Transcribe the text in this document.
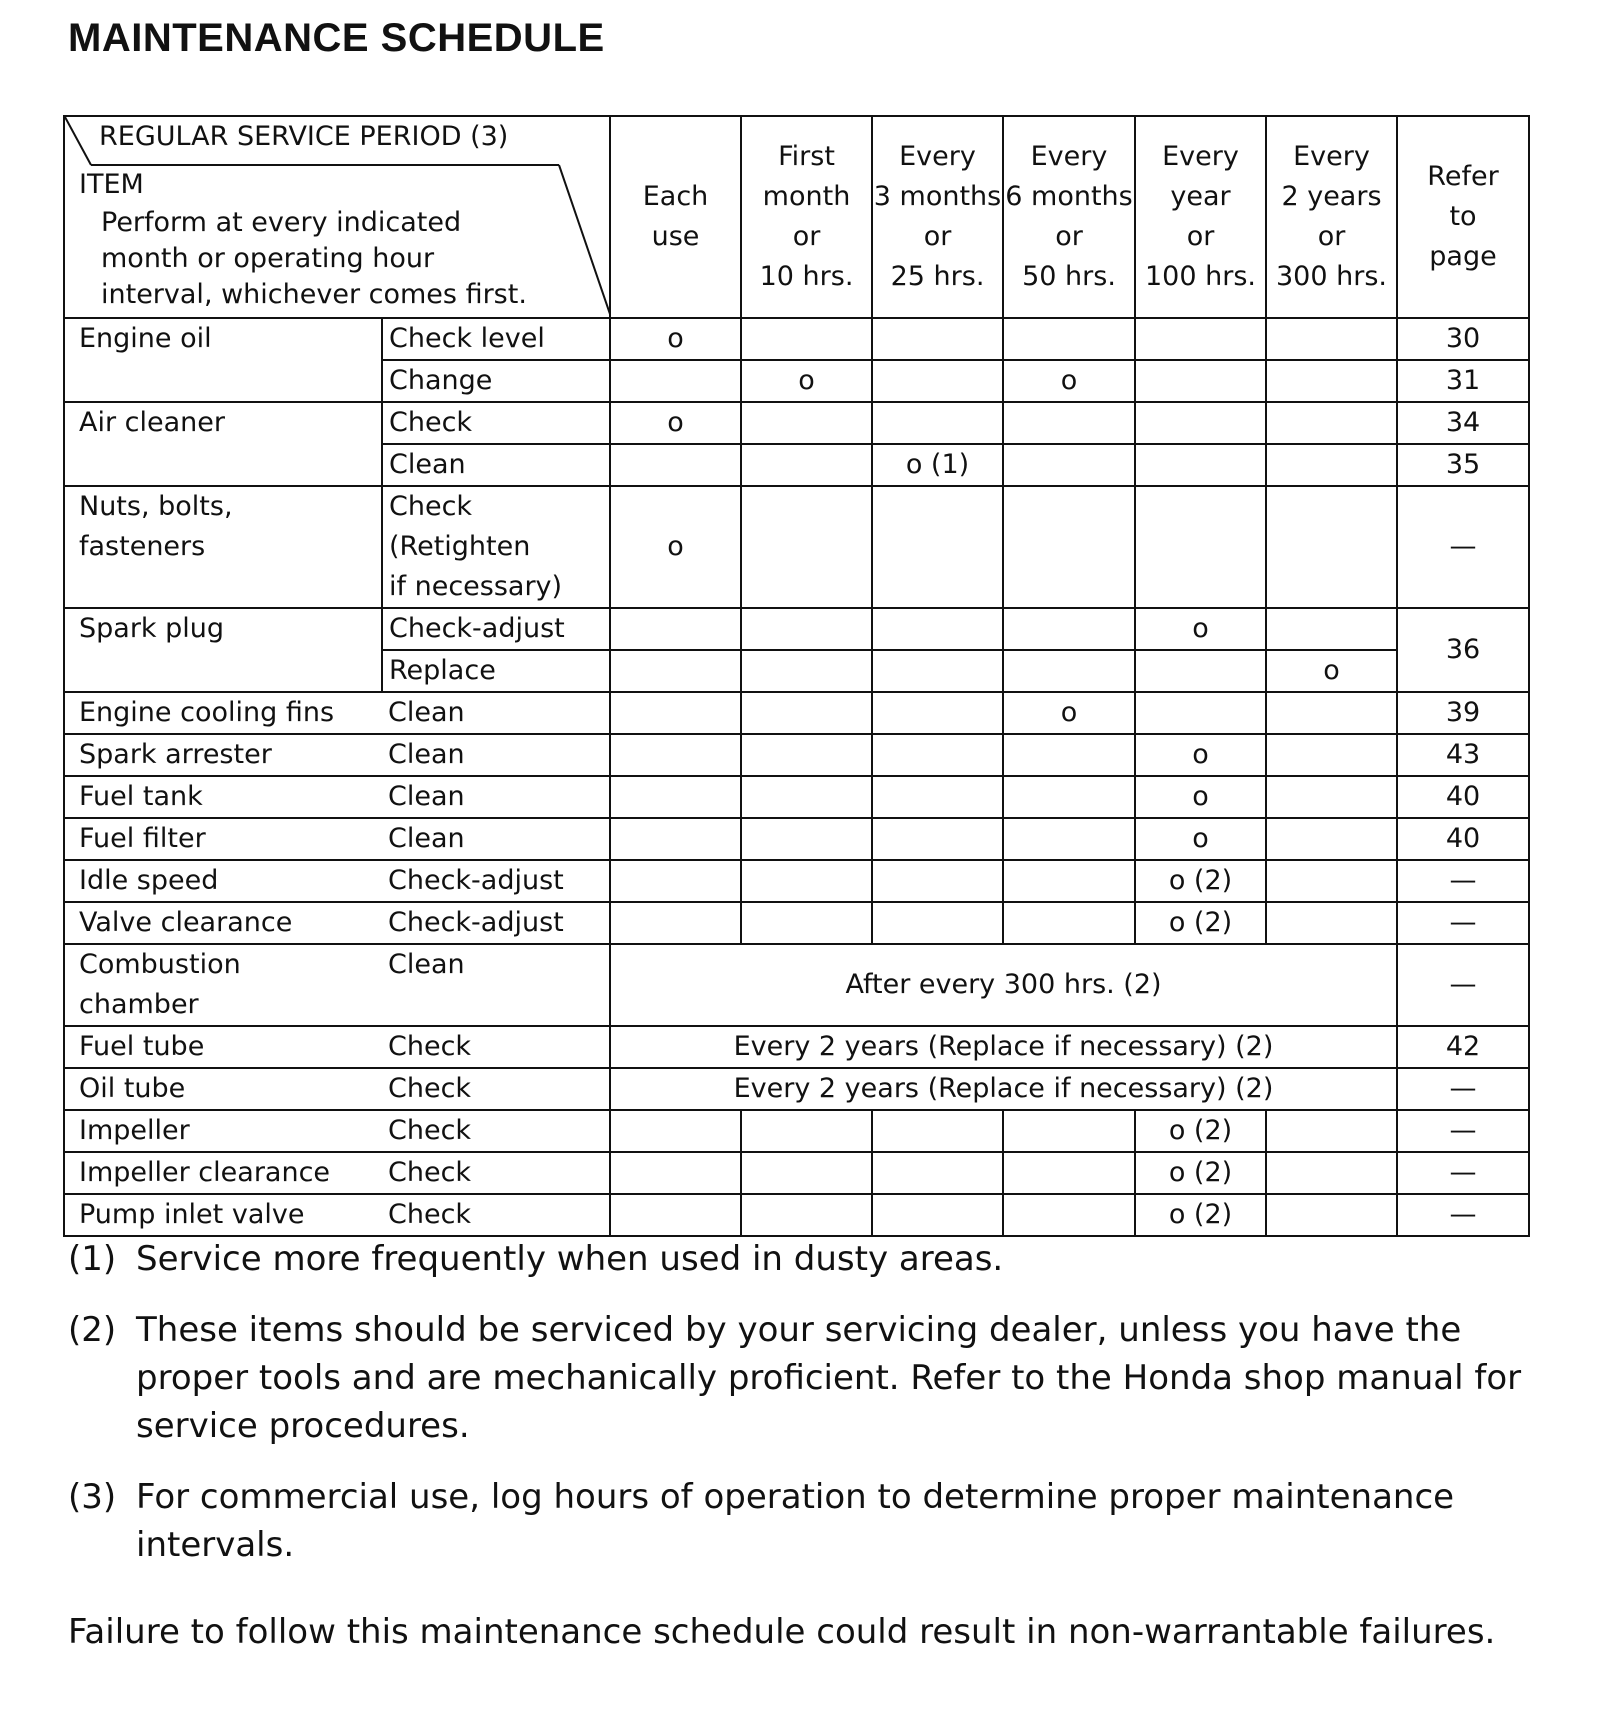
MAINTENANCE SCHEDULE
REGULAR SERVICE PERIOD (3)
ITEM
Perform at every indicated
month or operating hour
interval, whichever comes first.		Each
use	First
month
or
10 hrs.	Every
3 months
or
25 hrs.	Every
6 months
or
50 hrs.	Every
year
or
100 hrs.	Every
2 years
or
300 hrs.	Refer
to
page
Engine oil	Check level	o						30
	Change		o		o			31
Air cleaner	Check	o						34
	Clean			o (1)				35
Nuts, bolts,
fasteners	Check
(Retighten
if necessary)	o						—
Spark plug	Check-adjust					o		36
	Replace						o	
Engine cooling fins	Clean				o			39
Spark arrester	Clean					o		43
Fuel tank	Clean					o		40
Fuel filter	Clean					o		40
Idle speed	Check-adjust					o (2)		—
Valve clearance	Check-adjust					o (2)		—
Combustion
chamber	Clean	After every 300 hrs. (2)						—
Fuel tube	Check	Every 2 years (Replace if necessary) (2)						42
Oil tube	Check	Every 2 years (Replace if necessary) (2)						—
Impeller	Check					o (2)		—
Impeller clearance	Check					o (2)		—
Pump inlet valve	Check					o (2)		—
(1) Service more frequently when used in dusty areas.
(2) These items should be serviced by your servicing dealer, unless you have the proper tools and are mechanically proficient. Refer to the Honda shop manual for service procedures.
(3) For commercial use, log hours of operation to determine proper maintenance intervals.

Failure to follow this maintenance schedule could result in non-warrantable failures.
